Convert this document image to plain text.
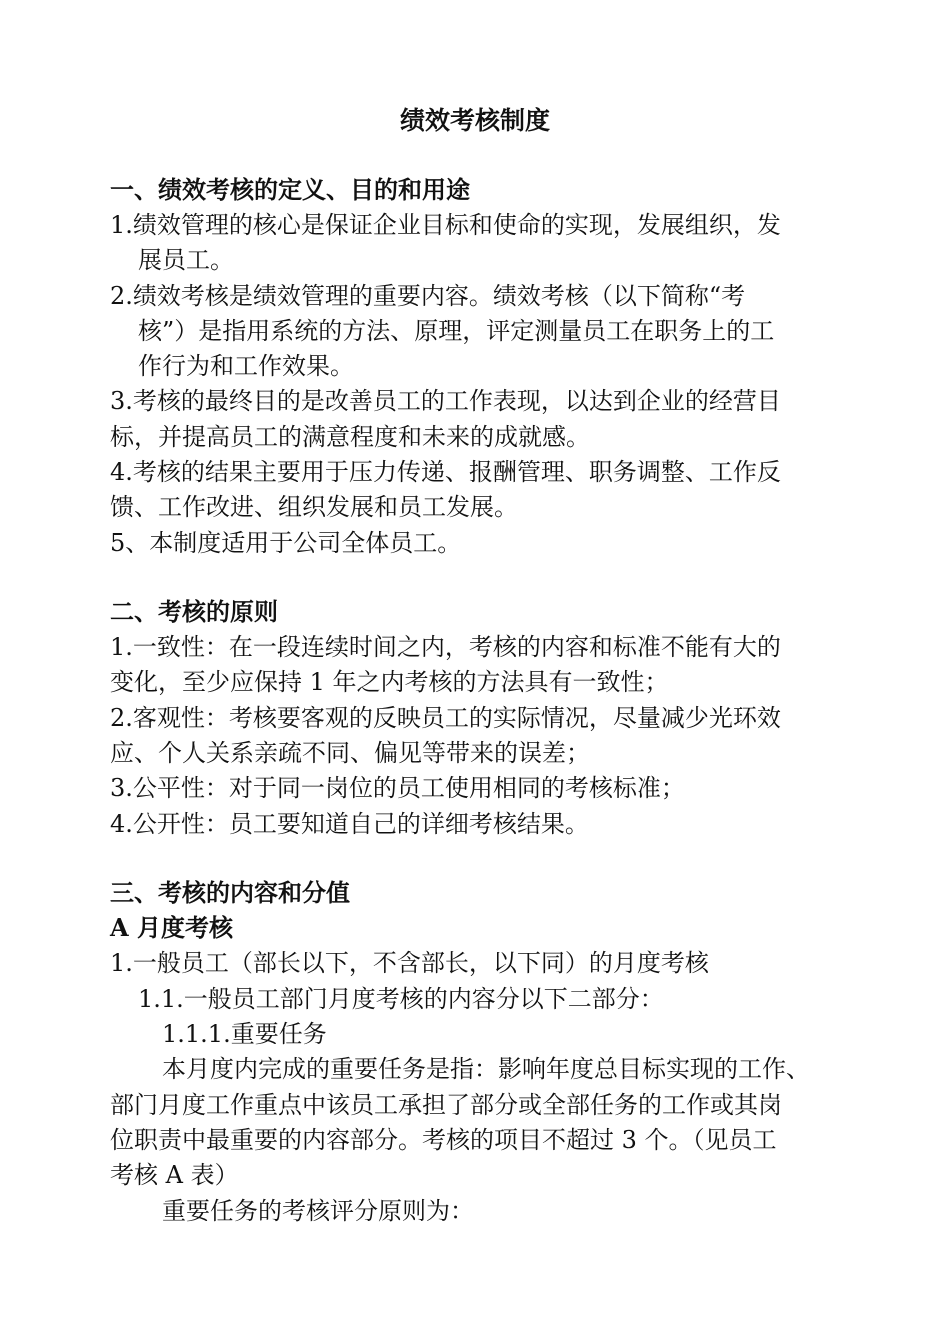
绩效考核制度
一、绩效考核的定义、目的和用途
1.绩效管理的核心是保证企业目标和使命的实现，发展组织，发
展员工。
2.绩效考核是绩效管理的重要内容。绩效考核（以下简称“考
核”）是指用系统的方法、原理，评定测量员工在职务上的工
作行为和工作效果。
3.考核的最终目的是改善员工的工作表现，以达到企业的经营目
标，并提高员工的满意程度和未来的成就感。
4.考核的结果主要用于压力传递、报酬管理、职务调整、工作反
馈、工作改进、组织发展和员工发展。
5、本制度适用于公司全体员工。
二、考核的原则
1.一致性：在一段连续时间之内，考核的内容和标准不能有大的
变化，至少应保持 1 年之内考核的方法具有一致性；
2.客观性：考核要客观的反映员工的实际情况，尽量减少光环效
应、个人关系亲疏不同、偏见等带来的误差；
3.公平性：对于同一岗位的员工使用相同的考核标准；
4.公开性：员工要知道自己的详细考核结果。
三、考核的内容和分值
A 月度考核
1.一般员工（部长以下，不含部长，以下同）的月度考核
1.1.一般员工部门月度考核的内容分以下二部分：
1.1.1.重要任务
本月度内完成的重要任务是指：影响年度总目标实现的工作、
部门月度工作重点中该员工承担了部分或全部任务的工作或其岗
位职责中最重要的内容部分。考核的项目不超过 3 个。（见员工
考核 A 表）
重要任务的考核评分原则为：
